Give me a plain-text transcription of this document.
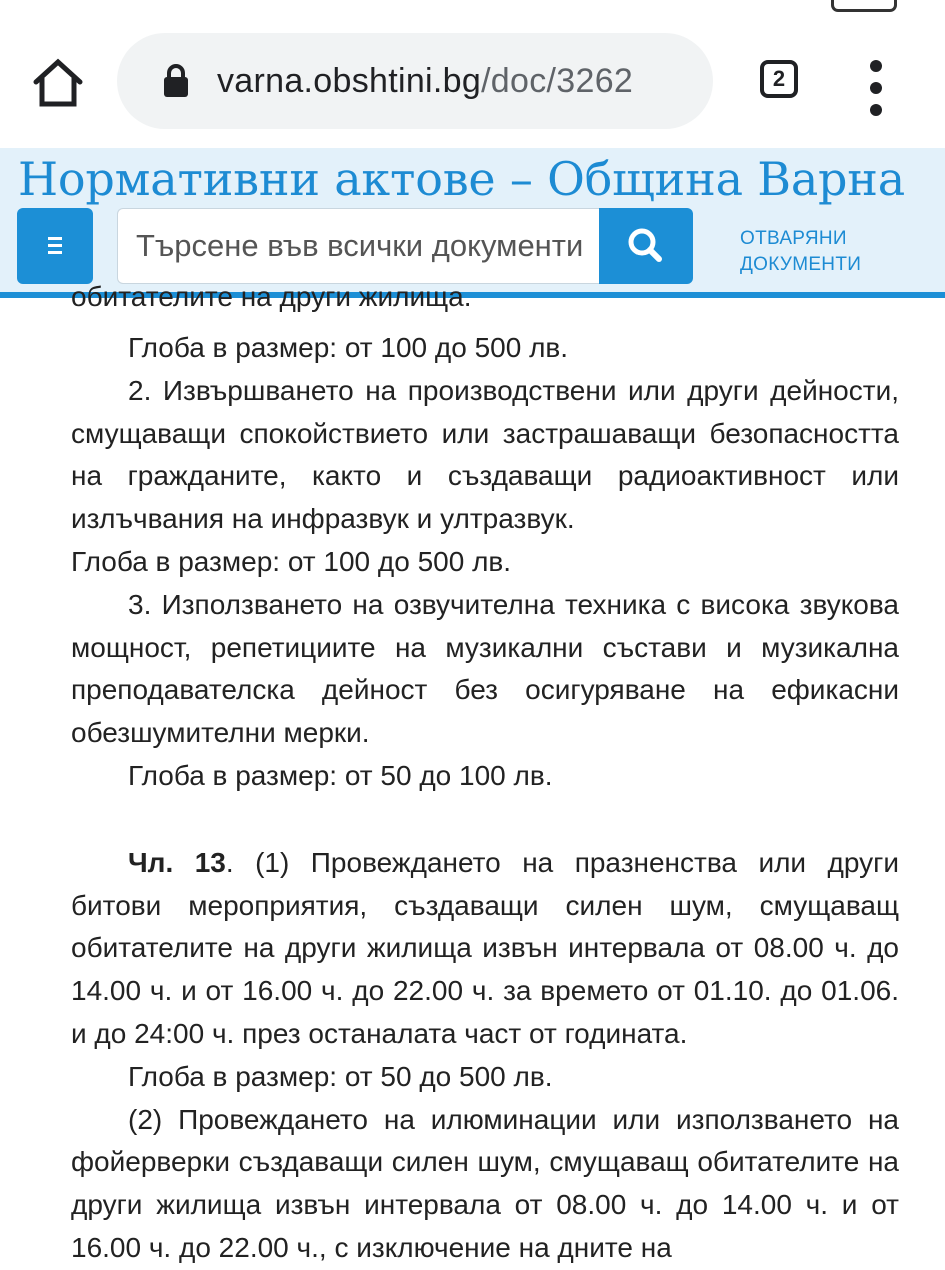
varna.obshtini.bg/doc/3262	2
Нормативни актове – Община Варна
Търсене във всички документи
ОТВАРЯНИ
ДОКУМЕНТИ

обитателите на други жилища.

Глоба в размер: от 100 до 500 лв.

2. Извършването на производствени или други дейности, смущаващи спокойствието или застрашаващи безопасността на гражданите, както и създаващи радиоактивност или излъчвания на инфразвук и ултразвук.

Глоба в размер: от 100 до 500 лв.

3. Използването на озвучителна техника с висока звукова мощност, репетициите на музикални състави и музикална преподавателска дейност без осигуряване на ефикасни обезшумителни мерки.

Глоба в размер: от 50 до 100 лв.

Чл. 13. (1) Провеждането на празненства или други битови мероприятия, създаващи силен шум, смущаващ обитателите на други жилища извън интервала от 08.00 ч. до 14.00 ч. и от 16.00 ч. до 22.00 ч. за времето от 01.10. до 01.06. и до 24:00 ч. през останалата част от годината.

Глоба в размер: от 50 до 500 лв.

(2) Провеждането на илюминации или използването на фойерверки създаващи силен шум, смущаващ обитателите на други жилища извън интервала от 08.00 ч. до 14.00 ч. и от 16.00 ч. до 22.00 ч., с изключение на дните на
